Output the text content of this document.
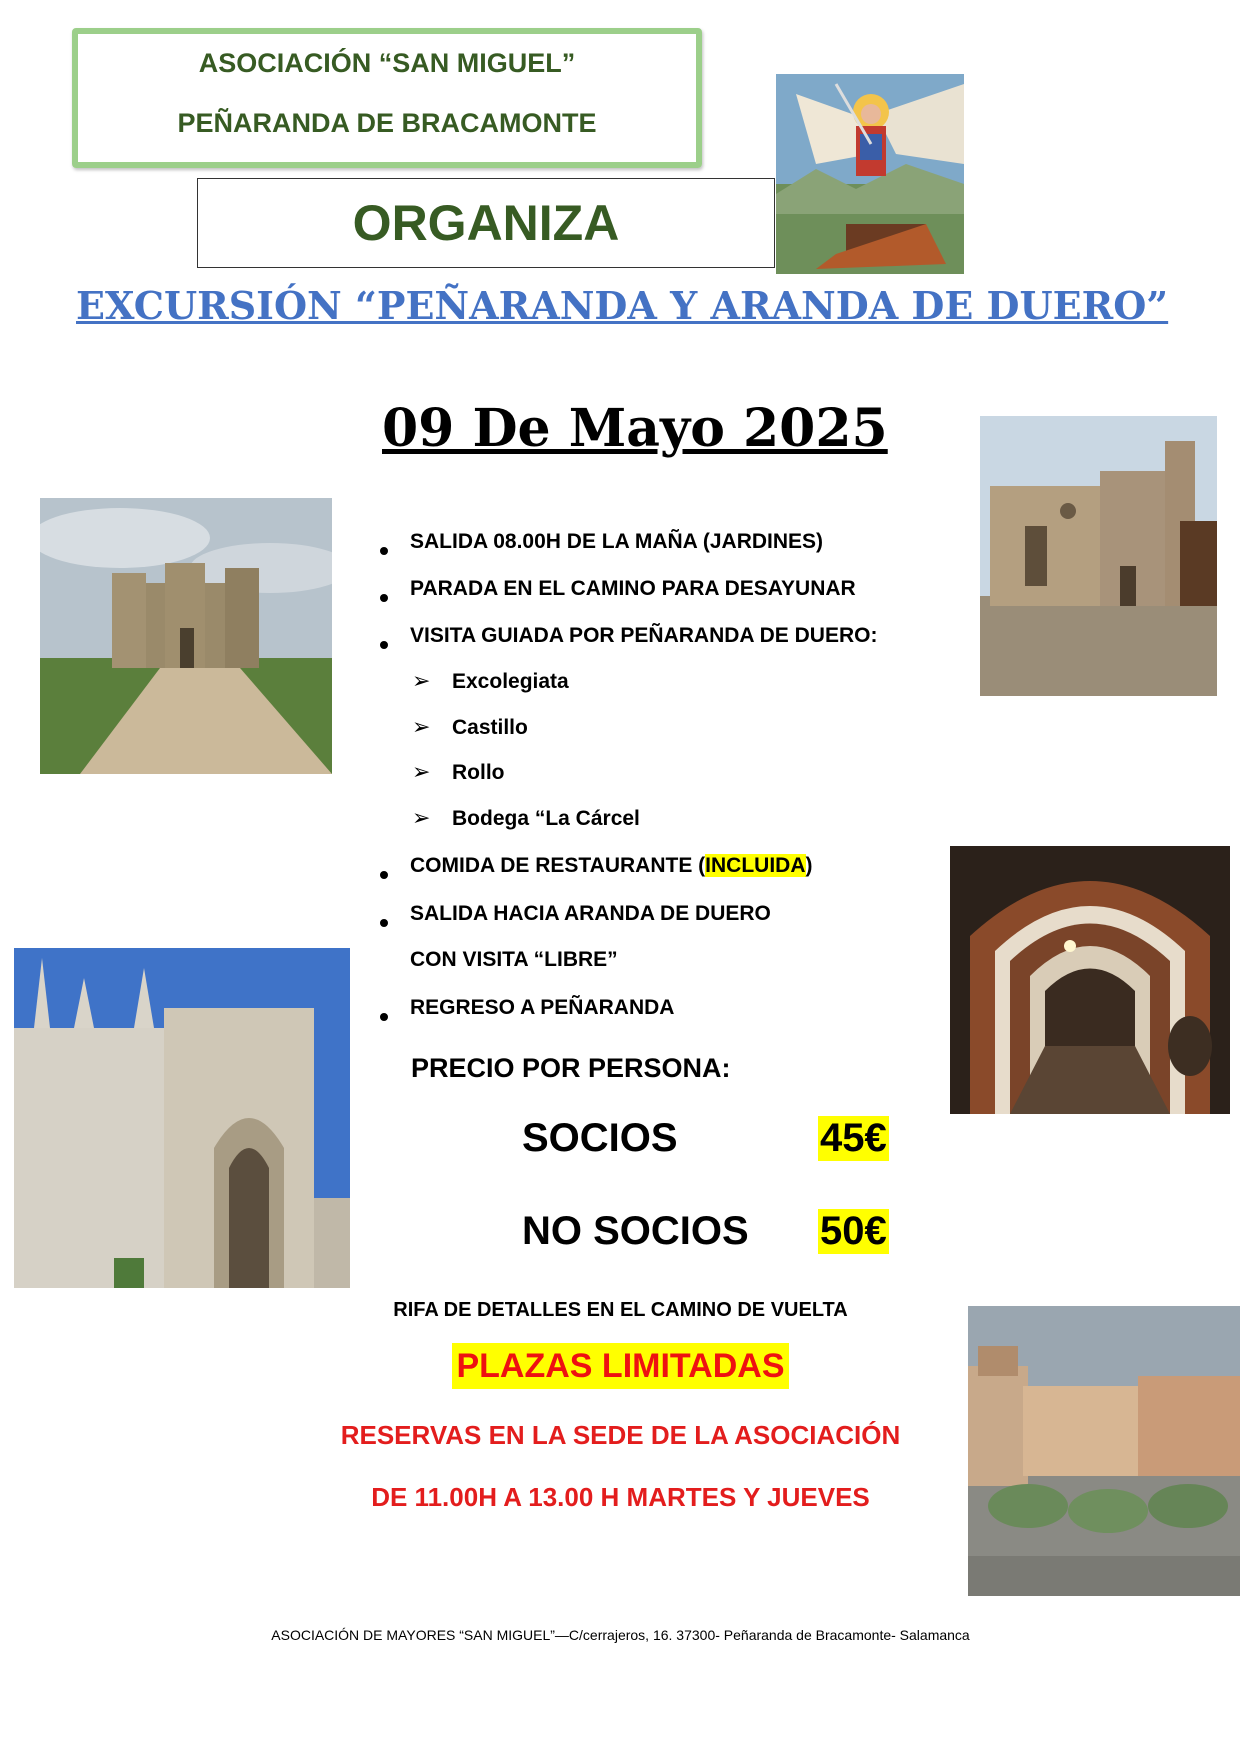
ASOCIACIÓN “SAN MIGUEL”
PEÑARANDA DE BRACAMONTE
ORGANIZA
EXCURSIÓN “PEÑARANDA Y ARANDA DE DUERO”
09 De Mayo 2025
SALIDA 08.00H DE LA MAÑA (JARDINES)
PARADA EN EL CAMINO PARA DESAYUNAR
VISITA GUIADA POR PEÑARANDA DE DUERO:
➢ Excolegiata
➢ Castillo
➢ Rollo
➢ Bodega “La Cárcel
COMIDA DE RESTAURANTE (INCLUIDA)
SALIDA HACIA ARANDA DE DUERO
CON VISITA “LIBRE”
REGRESO A PEÑARANDA
PRECIO POR PERSONA:
SOCIOS	45€
NO SOCIOS 50€
RIFA DE DETALLES EN EL CAMINO DE VUELTA
PLAZAS LIMITADAS
RESERVAS EN LA SEDE DE LA ASOCIACIÓN
DE 11.00H A 13.00 H MARTES Y JUEVES
ASOCIACIÓN DE MAYORES “SAN MIGUEL”—C/cerrajeros, 16. 37300- Peñaranda de Bracamonte- Salamanca
